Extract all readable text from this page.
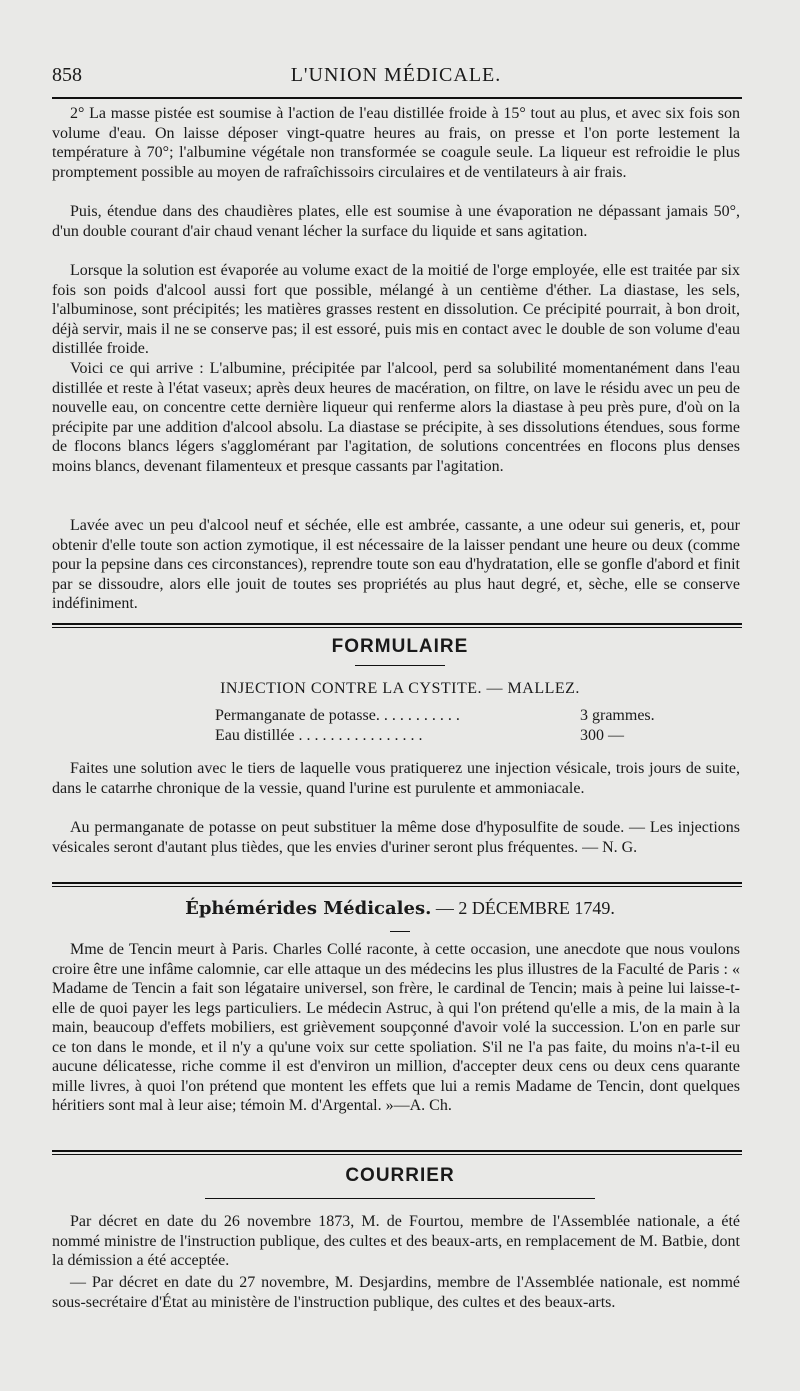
858	L'UNION MÉDICALE.

2° La masse pistée est soumise à l'action de l'eau distillée froide à 15° tout au plus, et avec six fois son volume d'eau. On laisse déposer vingt-quatre heures au frais, on presse et l'on porte lestement la température à 70°; l'albumine végétale non transformée se coagule seule. La liqueur est refroidie le plus promptement possible au moyen de rafraîchissoirs circulaires et de ventilateurs à air frais.

Puis, étendue dans des chaudières plates, elle est soumise à une évaporation ne dépassant jamais 50°, d'un double courant d'air chaud venant lécher la surface du liquide et sans agitation.

Lorsque la solution est évaporée au volume exact de la moitié de l'orge employée, elle est traitée par six fois son poids d'alcool aussi fort que possible, mélangé à un centième d'éther. La diastase, les sels, l'albuminose, sont précipités; les matières grasses restent en dissolution. Ce précipité pourrait, à bon droit, déjà servir, mais il ne se conserve pas; il est essoré, puis mis en contact avec le double de son volume d'eau distillée froide.

Voici ce qui arrive : L'albumine, précipitée par l'alcool, perd sa solubilité momentanément dans l'eau distillée et reste à l'état vaseux; après deux heures de macération, on filtre, on lave le résidu avec un peu de nouvelle eau, on concentre cette dernière liqueur qui renferme alors la diastase à peu près pure, d'où on la précipite par une addition d'alcool absolu. La diastase se précipite, à ses dissolutions étendues, sous forme de flocons blancs légers s'agglomérant par l'agitation, de solutions concentrées en flocons plus denses moins blancs, devenant filamenteux et presque cassants par l'agitation.

Lavée avec un peu d'alcool neuf et séchée, elle est ambrée, cassante, a une odeur sui generis, et, pour obtenir d'elle toute son action zymotique, il est nécessaire de la laisser pendant une heure ou deux (comme pour la pepsine dans ces circonstances), reprendre toute son eau d'hydratation, elle se gonfle d'abord et finit par se dissoudre, alors elle jouit de toutes ses propriétés au plus haut degré, et, sèche, elle se conserve indéfiniment.

FORMULAIRE
INJECTION CONTRE LA CYSTITE. — MALLEZ.
Permanganate de potasse. . . . . . . . . . .	3 grammes.
Eau distillée . . . . . . . . . . . . . . . .	300 —

Faites une solution avec le tiers de laquelle vous pratiquerez une injection vésicale, trois jours de suite, dans le catarrhe chronique de la vessie, quand l'urine est purulente et ammoniacale.

Au permanganate de potasse on peut substituer la même dose d'hyposulfite de soude. — Les injections vésicales seront d'autant plus tièdes, que les envies d'uriner seront plus fréquentes. — N. G.

Éphémérides Médicales. — 2 DÉCEMBRE 1749.

Mme de Tencin meurt à Paris. Charles Collé raconte, à cette occasion, une anecdote que nous voulons croire être une infâme calomnie, car elle attaque un des médecins les plus illustres de la Faculté de Paris : « Madame de Tencin a fait son légataire universel, son frère, le cardinal de Tencin; mais à peine lui laisse-t-elle de quoi payer les legs particuliers. Le médecin Astruc, à qui l'on prétend qu'elle a mis, de la main à la main, beaucoup d'effets mobiliers, est grièvement soupçonné d'avoir volé la succession. L'on en parle sur ce ton dans le monde, et il n'y a qu'une voix sur cette spoliation. S'il ne l'a pas faite, du moins n'a-t-il eu aucune délicatesse, riche comme il est d'environ un million, d'accepter deux cens ou deux cens quarante mille livres, à quoi l'on prétend que montent les effets que lui a remis Madame de Tencin, dont quelques héritiers sont mal à leur aise; témoin M. d'Argental. »—A. Ch.

COURRIER

Par décret en date du 26 novembre 1873, M. de Fourtou, membre de l'Assemblée nationale, a été nommé ministre de l'instruction publique, des cultes et des beaux-arts, en remplacement de M. Batbie, dont la démission a été acceptée.

— Par décret en date du 27 novembre, M. Desjardins, membre de l'Assemblée nationale, est nommé sous-secrétaire d'État au ministère de l'instruction publique, des cultes et des beaux-arts.
